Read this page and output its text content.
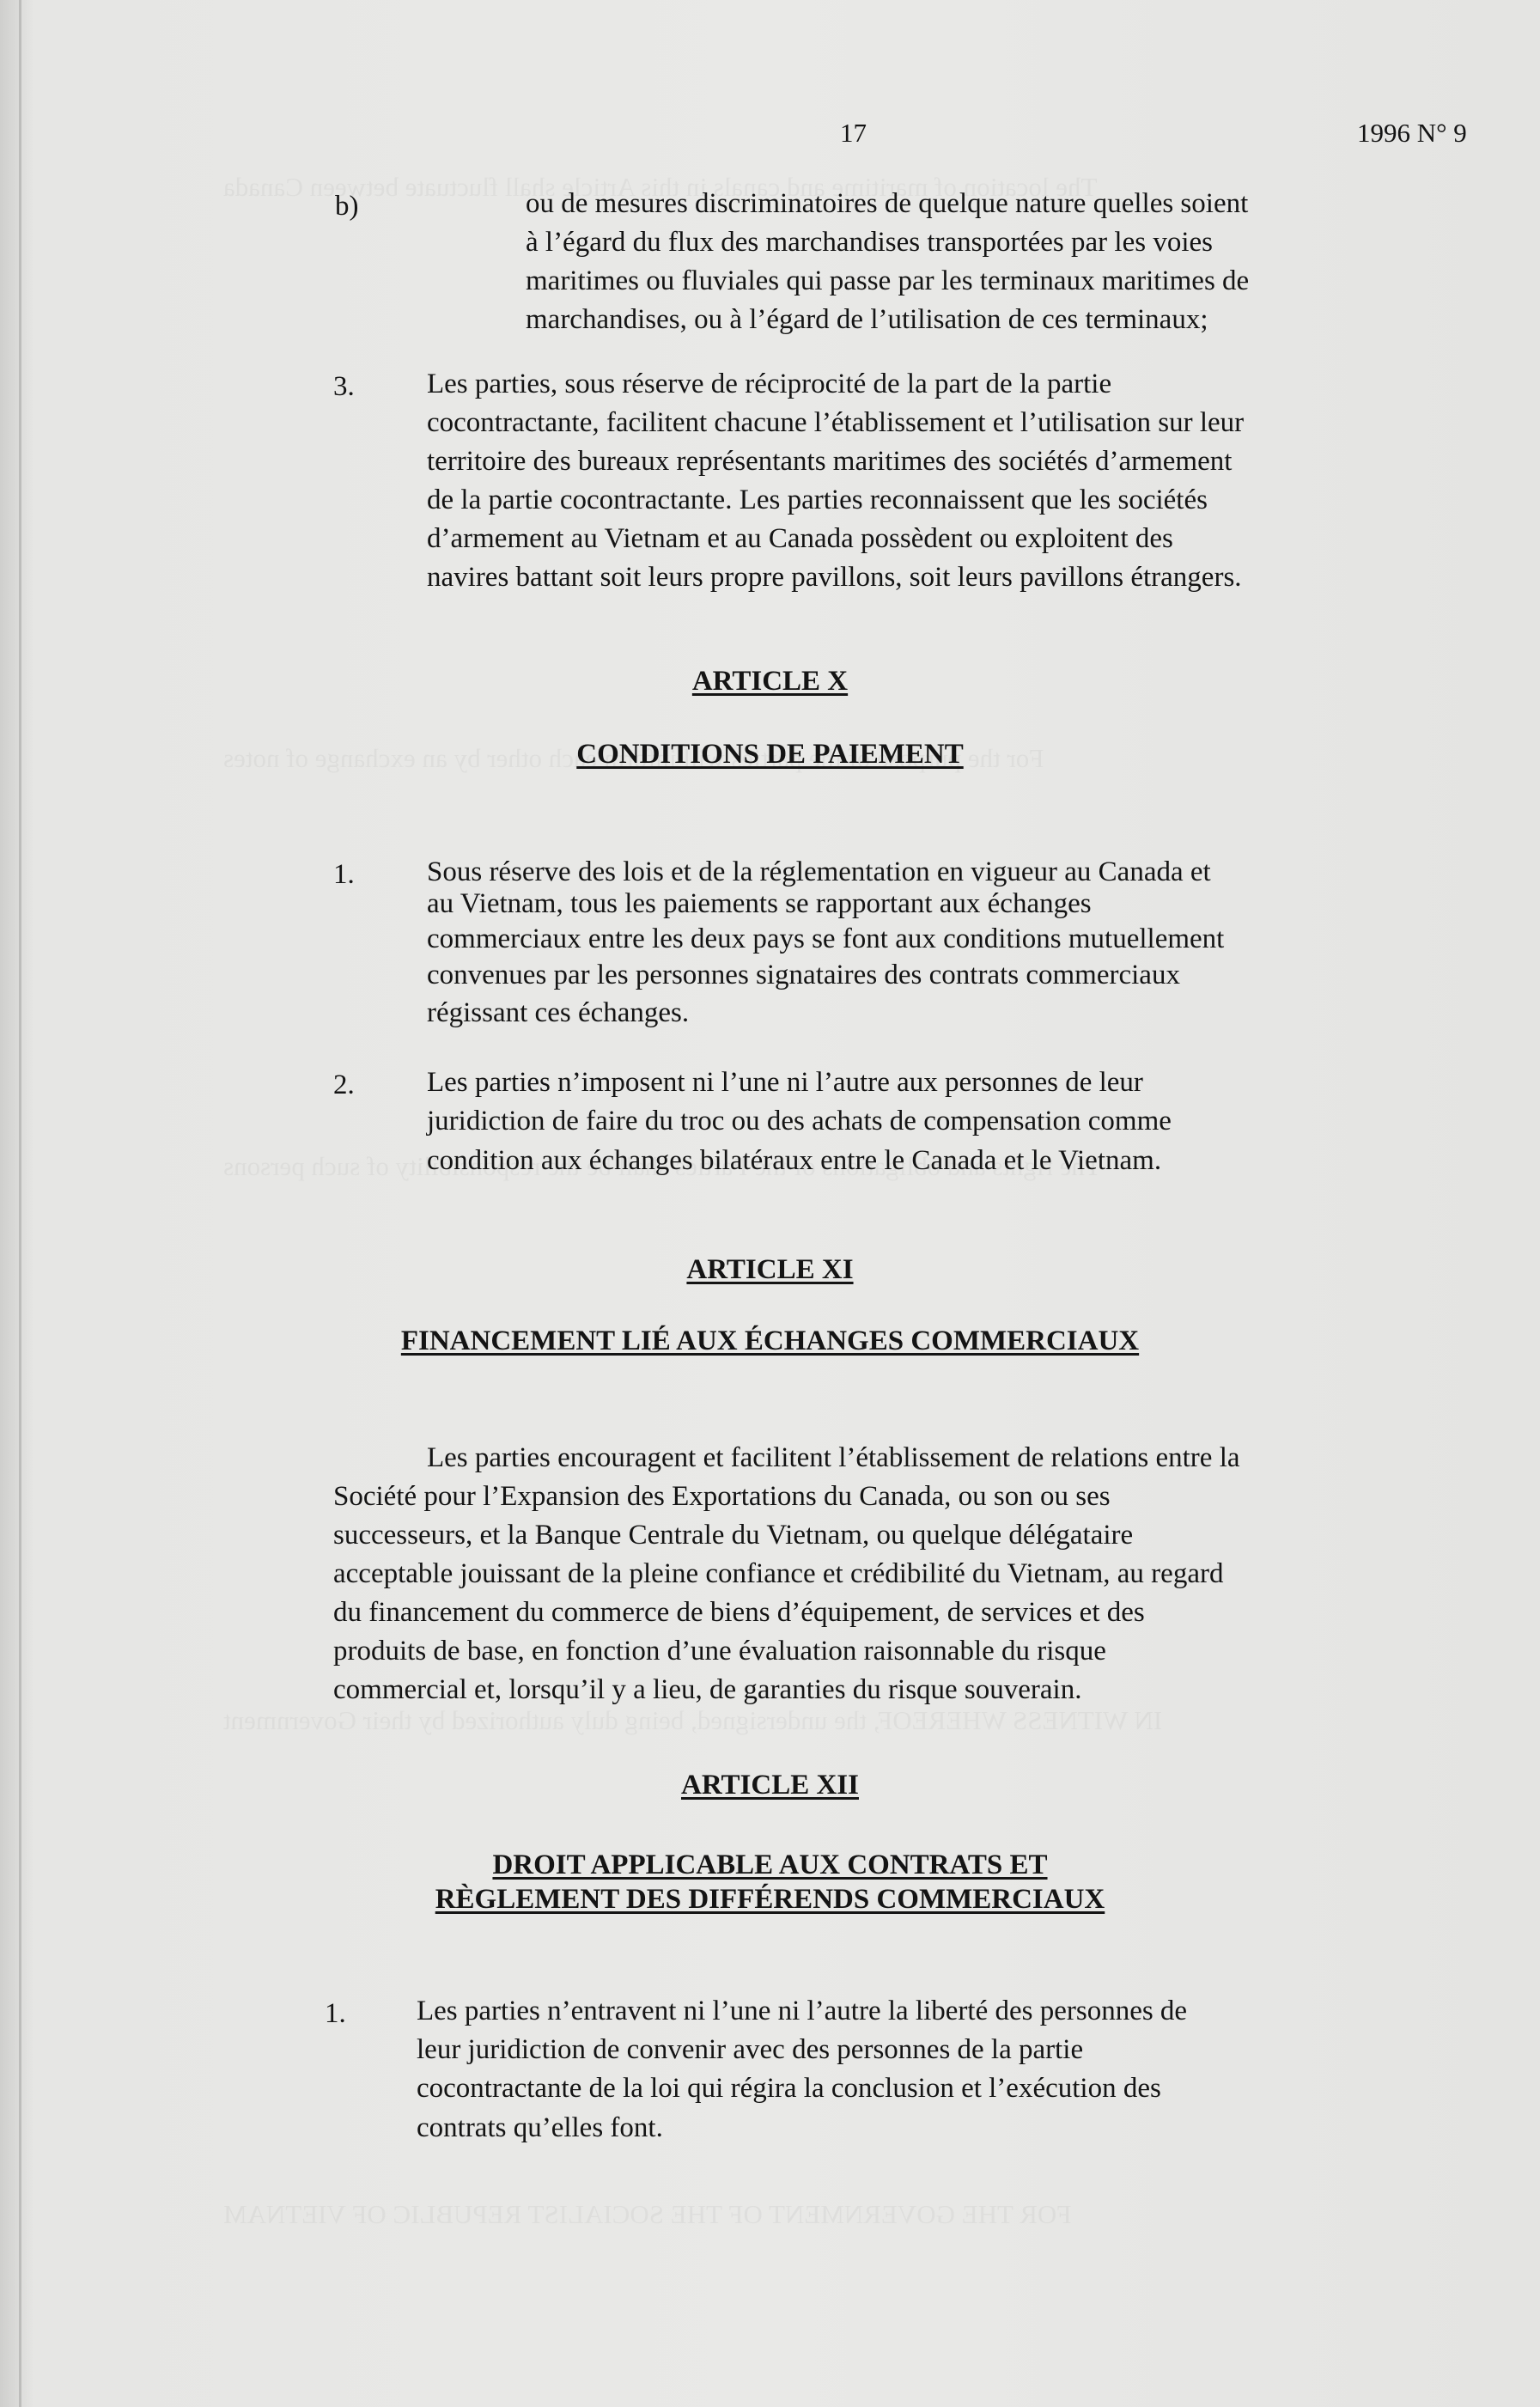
17	1996 N° 9
b)	ou de mesures discriminatoires de quelque nature quelles soient
à l’égard du flux des marchandises transportées par les voies
maritimes ou fluviales qui passe par les terminaux maritimes de
marchandises, ou à l’égard de l’utilisation de ces terminaux;
3.	Les parties, sous réserve de réciprocité de la part de la partie
cocontractante, facilitent chacune l’établissement et l’utilisation sur leur
territoire des bureaux représentants maritimes des sociétés d’armement
de la partie cocontractante. Les parties reconnaissent que les sociétés
d’armement au Vietnam et au Canada possèdent ou exploitent des
navires battant soit leurs propre pavillons, soit leurs pavillons étrangers.
ARTICLE X
CONDITIONS DE PAIEMENT
1.	Sous réserve des lois et de la réglementation en vigueur au Canada et
au Vietnam, tous les paiements se rapportant aux échanges
commerciaux entre les deux pays se font aux conditions mutuellement
convenues par les personnes signataires des contrats commerciaux
régissant ces échanges.
2.	Les parties n’imposent ni l’une ni l’autre aux personnes de leur
juridiction de faire du troc ou des achats de compensation comme
condition aux échanges bilatéraux entre le Canada et le Vietnam.
ARTICLE XI
FINANCEMENT LIÉ AUX ÉCHANGES COMMERCIAUX
Les parties encouragent et facilitent l’établissement de relations entre la
Société pour l’Expansion des Exportations du Canada, ou son ou ses
successeurs, et la Banque Centrale du Vietnam, ou quelque délégataire
acceptable jouissant de la pleine confiance et crédibilité du Vietnam, au regard
du financement du commerce de biens d’équipement, de services et des
produits de base, en fonction d’une évaluation raisonnable du risque
commercial et, lorsqu’il y a lieu, de garanties du risque souverain.
ARTICLE XII
DROIT APPLICABLE AUX CONTRATS ET
RÈGLEMENT DES DIFFÉRENDS COMMERCIAUX
1. Les parties n’entravent ni l’une ni l’autre la liberté des personnes de
leur juridiction de convenir avec des personnes de la partie
cocontractante de la loi qui régira la conclusion et l’exécution des
contrats qu’elles font.
